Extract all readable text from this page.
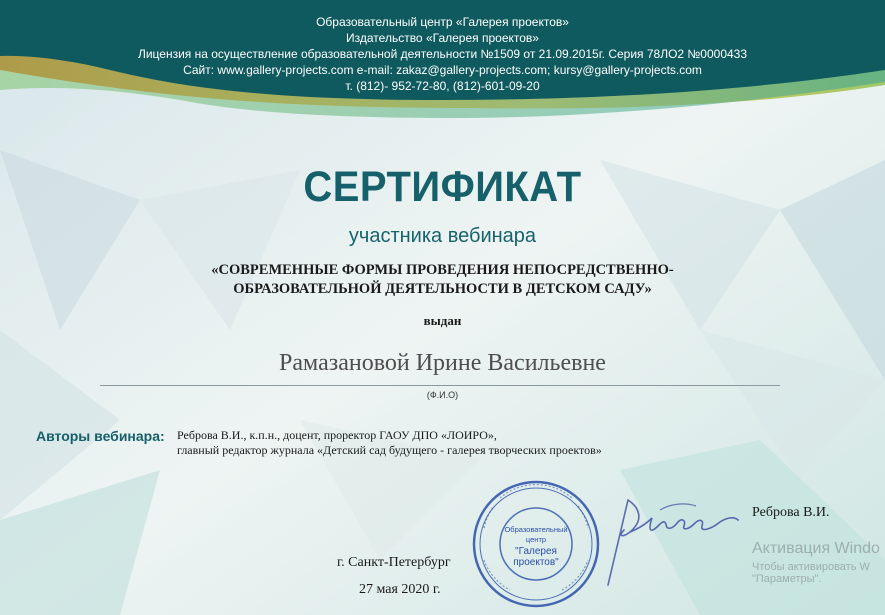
Образовательный центр «Галерея проектов»
Издательство «Галерея проектов»
Лицензия на осуществление образовательной деятельности №1509 от 21.09.2015г. Серия 78ЛО2 №0000433
Сайт: www.gallery-projects.com e-mail: zakaz@gallery-projects.com; kursy@gallery-projects.com
т. (812)- 952-72-80, (812)-601-09-20
СЕРТИФИКАТ
участника вебинара
«СОВРЕМЕННЫЕ ФОРМЫ ПРОВЕДЕНИЯ НЕПОСРЕДСТВЕННО-
ОБРАЗОВАТЕЛЬНОЙ ДЕЯТЕЛЬНОСТИ В ДЕТСКОМ САДУ»
выдан
Рамазановой Ирине Васильевне
(Ф.И.О)
Авторы вебинара: Реброва В.И., к.п.н., доцент, проректор ГАОУ ДПО «ЛОИРО»,
главный редактор журнала «Детский сад будущего - галерея творческих проектов»
Образовательный
центр
"Галерея
проектов"
г. Санкт-Петербург
27 мая 2020 г.
Реброва В.И.
Активация Windo
Чтобы активировать W
"Параметры".
